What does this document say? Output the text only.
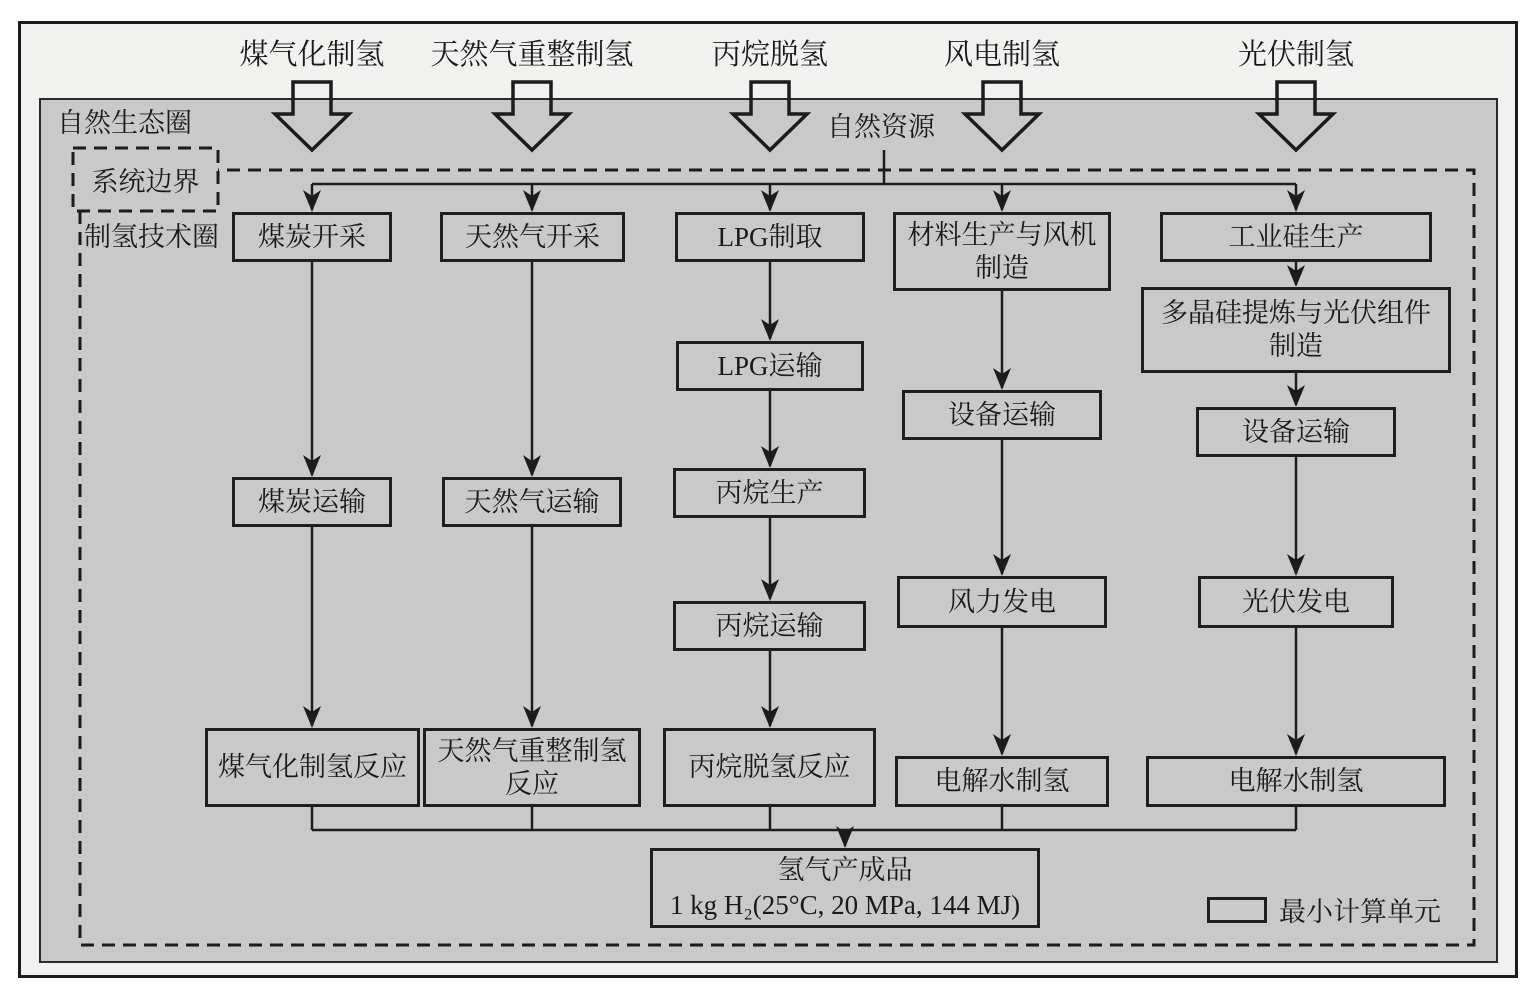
煤气化制氢 天然气重整制氢	丙烷脱氢	风电制氢	光伏制氢
自然生态圈
系统边界
制氢技术圈
自然资源
煤炭开采
煤炭运输
煤气化制氢反应
天然气开采
天然气运输
天然气重整制氢
反应
LPG制取
LPG运输
丙烷生产
丙烷运输
丙烷脱氢反应
材料生产与风机
制造
设备运输
风力发电
电解水制氢
工业硅生产
多晶硅提炼与光伏组件
制造
设备运输
光伏发电
电解水制氢
氢气产成品
1 kg H₂(25°C, 20 MPa, 144 MJ)	最小计算单元
